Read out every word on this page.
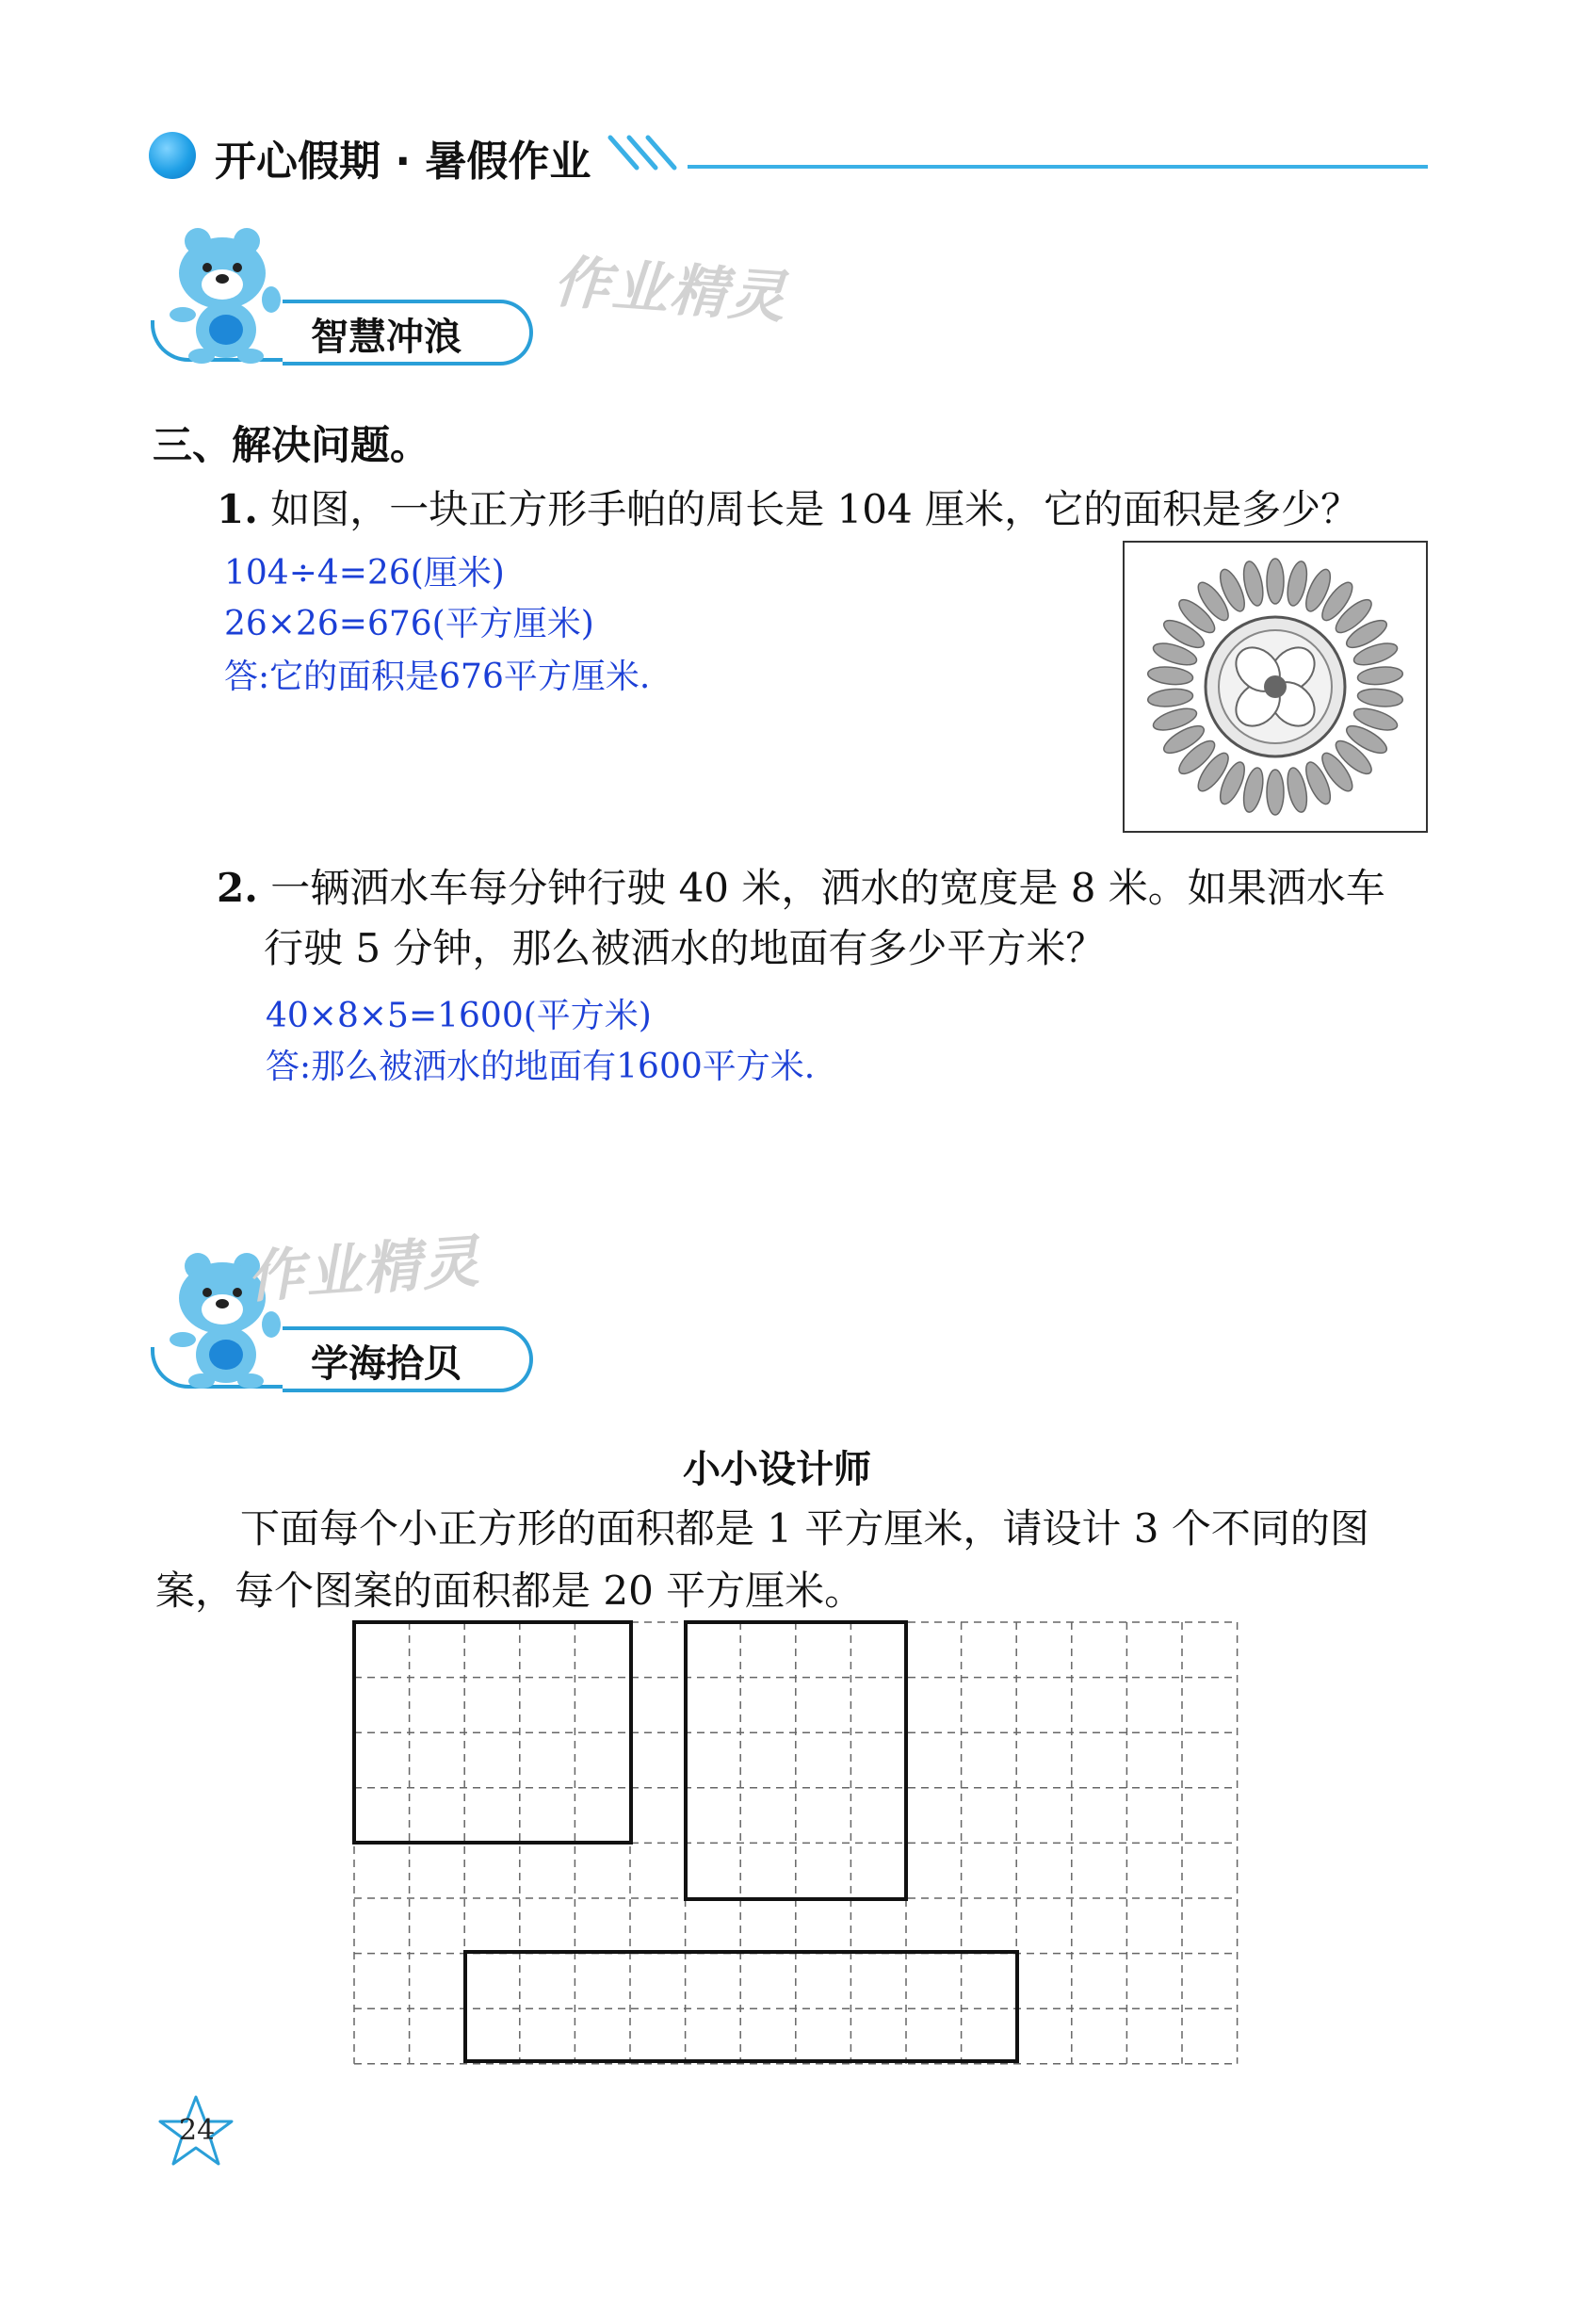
开心假期 · 暑假作业
智慧冲浪
作业精灵
三、解决问题。
1. 如图，一块正方形手帕的周长是 104 厘米，它的面积是多少？
104÷4=26(厘米)
26×26=676(平方厘米)
答:它的面积是676平方厘米.
2. 一辆洒水车每分钟行驶 40 米，洒水的宽度是 8 米。如果洒水车
行驶 5 分钟，那么被洒水的地面有多少平方米？
40×8×5=1600(平方米)
答:那么被洒水的地面有1600平方米.
学海拾贝
作业精灵
小小设计师
下面每个小正方形的面积都是 1 平方厘米，请设计 3 个不同的图
案，每个图案的面积都是 20 平方厘米。
24
